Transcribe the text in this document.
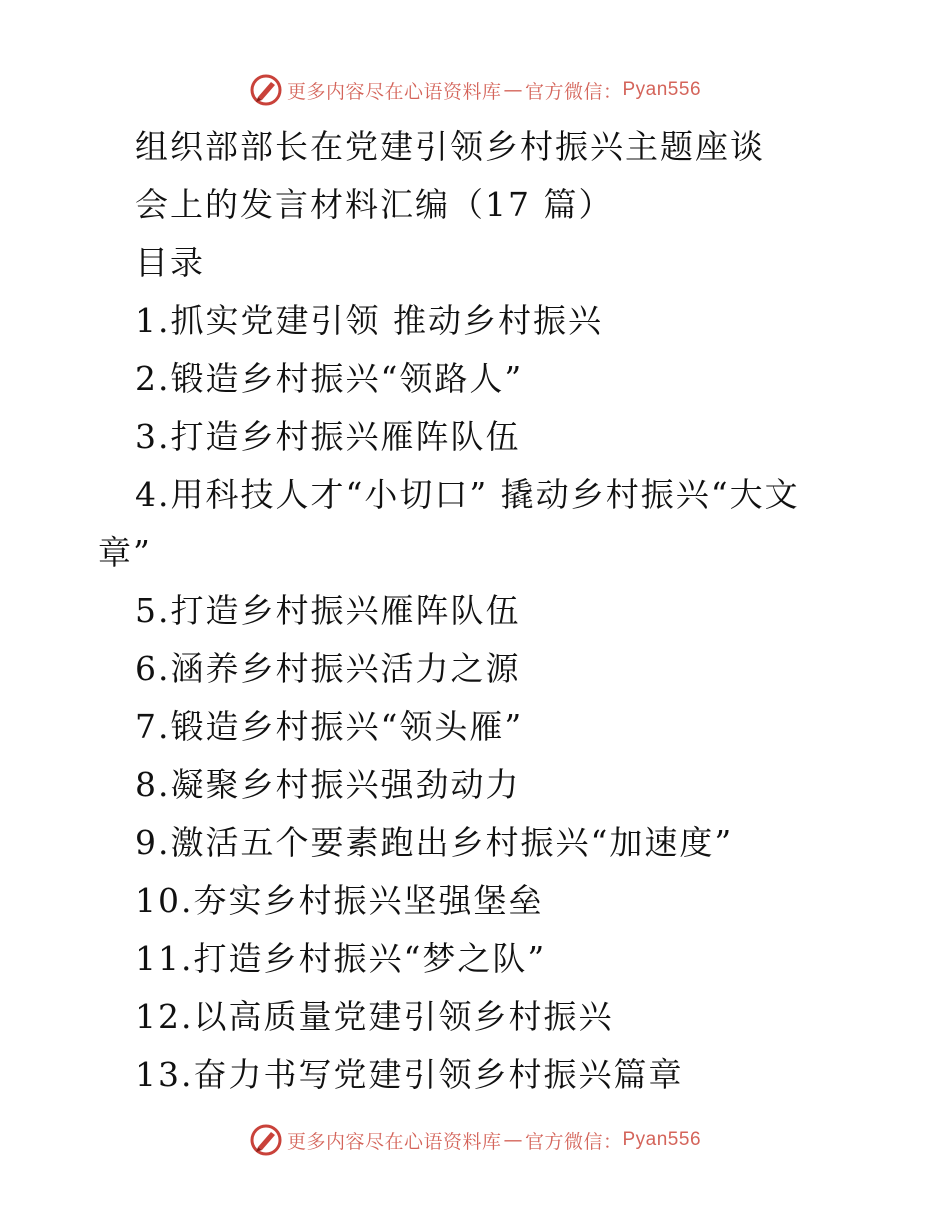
更多内容尽在心语资料库 — 官方微信： Pyan556
组织部部长在党建引领乡村振兴主题座谈
会上的发言材料汇编（17 篇）
目录
1.抓实党建引领 推动乡村振兴
2.锻造乡村振兴“领路人”
3.打造乡村振兴雁阵队伍
4.用科技人才“小切口” 撬动乡村振兴“大文
章”
5.打造乡村振兴雁阵队伍
6.涵养乡村振兴活力之源
7.锻造乡村振兴“领头雁”
8.凝聚乡村振兴强劲动力
9.激活五个要素跑出乡村振兴“加速度”
10.夯实乡村振兴坚强堡垒
11.打造乡村振兴“梦之队”
12.以高质量党建引领乡村振兴
13.奋力书写党建引领乡村振兴篇章
更多内容尽在心语资料库 — 官方微信： Pyan556
